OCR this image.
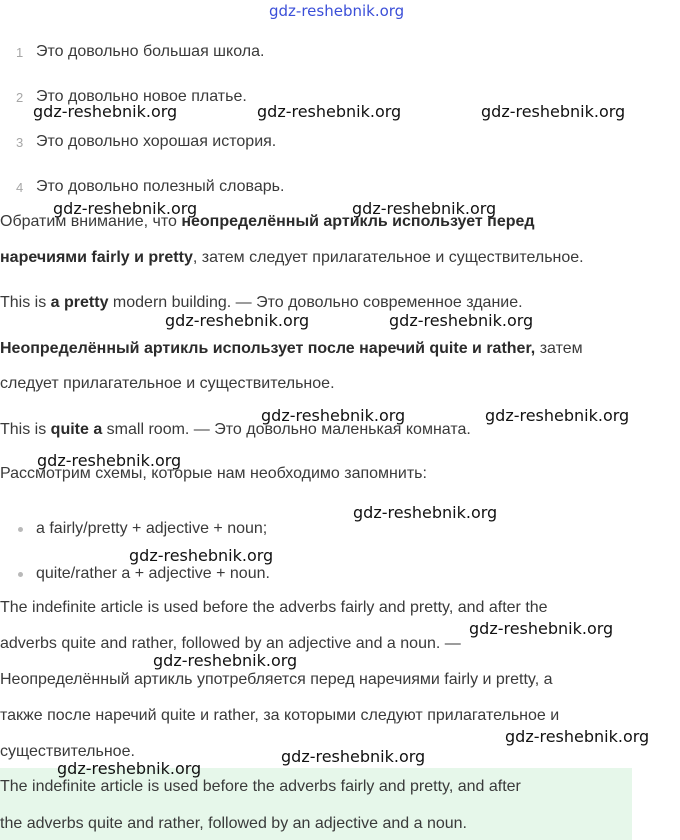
gdz-reshebnik.org
1 Это довольно большая школа.
2 Это довольно новое платье.
3 Это довольно хорошая история.
4 Это довольно полезный словарь.
Обратим внимание, что неопределённый артикль использует перед
наречиями fairly и pretty, затем следует прилагательное и существительное.
This is a pretty modern building. — Это довольно современное здание.
Неопределённый артикль использует после наречий quite и rather, затем
следует прилагательное и существительное.
This is quite a small room. — Это довольно маленькая комната.
Рассмотрим схемы, которые нам необходимо запомнить:
a fairly/pretty + adjective + noun;
quite/rather a + adjective + noun.
The indefinite article is used before the adverbs fairly and pretty, and after the
adverbs quite and rather, followed by an adjective and a noun. —
Неопределённый артикль употребляется перед наречиями fairly и pretty, а
также после наречий quite и rather, за которыми следуют прилагательное и
существительное.
The indefinite article is used before the adverbs fairly and pretty, and after
the adverbs quite and rather, followed by an adjective and a noun.
gdz-reshebnik.org	gdz-reshebnik.org	gdz-reshebnik.org
gdz-reshebnik.org	gdz-reshebnik.org
gdz-reshebnik.org	gdz-reshebnik.org
gdz-reshebnik.org	gdz-reshebnik.org
gdz-reshebnik.org
gdz-reshebnik.org
gdz-reshebnik.org
gdz-reshebnik.org
gdz-reshebnik.org
gdz-reshebnik.org
gdz-reshebnik.org
gdz-reshebnik.org
